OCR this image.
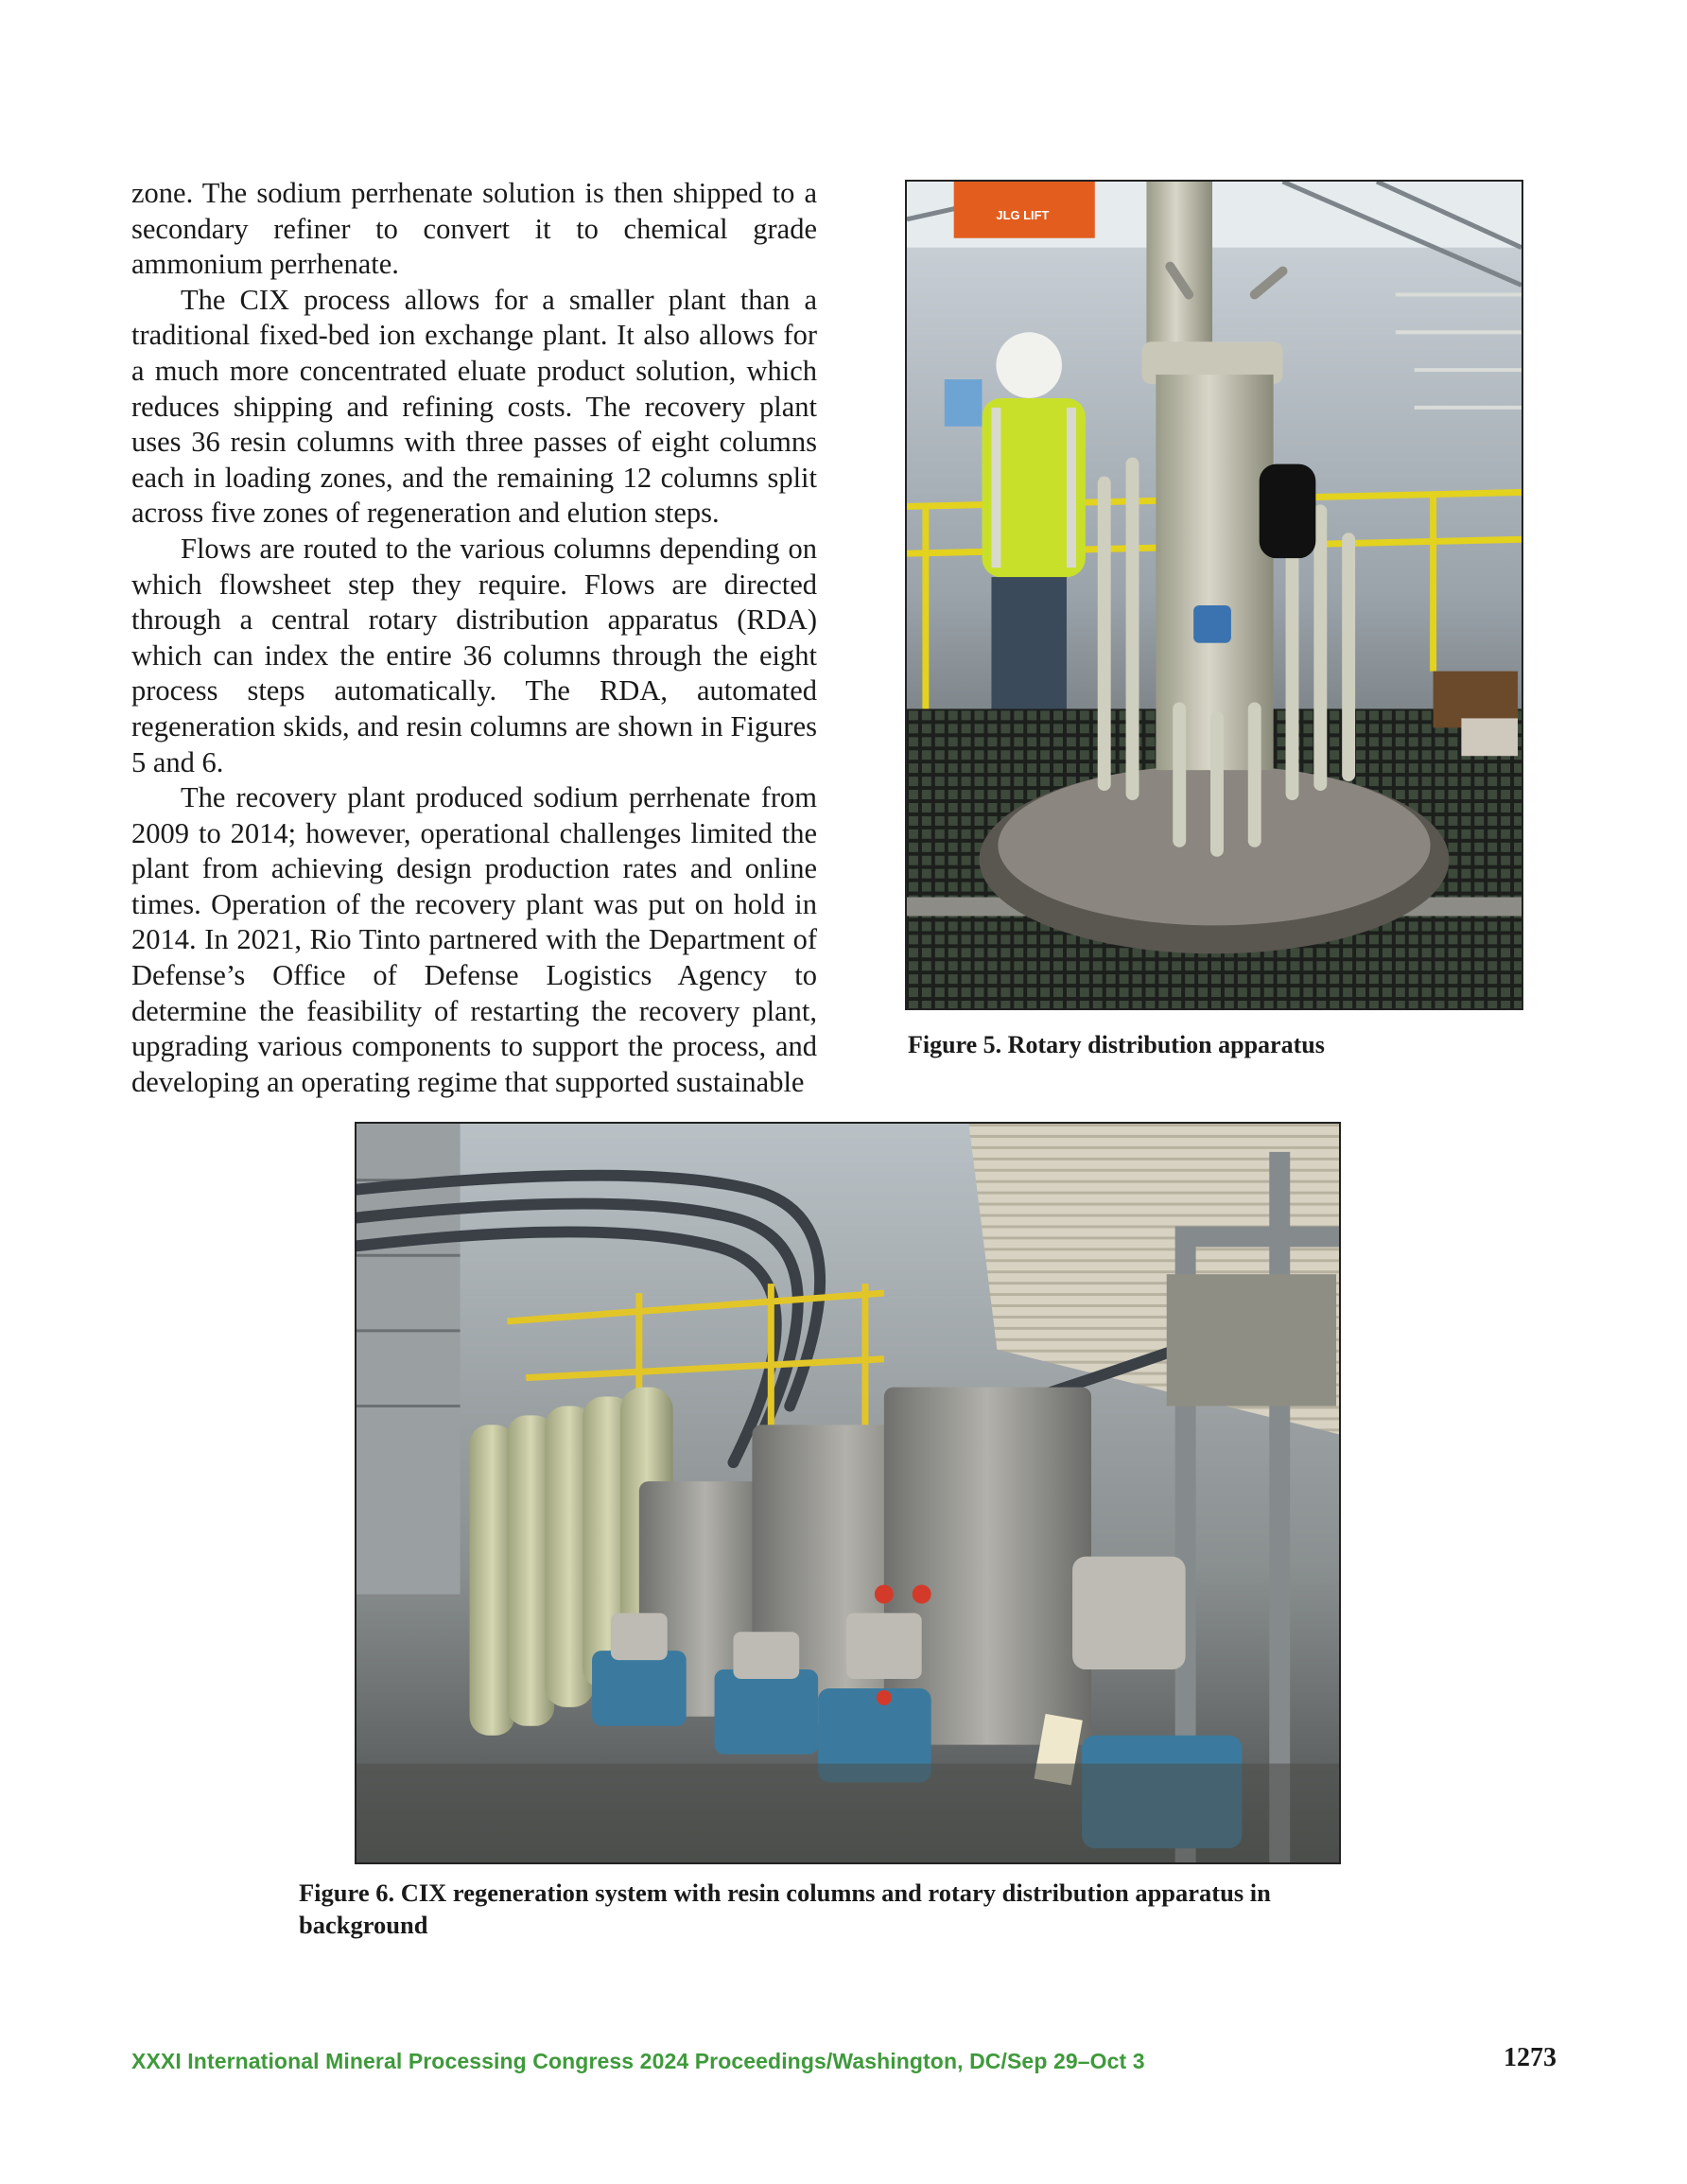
zone. The sodium perrhenate solution is then shipped to a secondary refiner to convert it to chemical grade ammonium perrhenate.

The CIX process allows for a smaller plant than a traditional fixed-bed ion exchange plant. It also allows for a much more concentrated eluate product solution, which reduces shipping and refining costs. The recovery plant uses 36 resin columns with three passes of eight columns each in loading zones, and the remaining 12 columns split across five zones of regeneration and elution steps.

Flows are routed to the various columns depending on which flowsheet step they require. Flows are directed through a central rotary distribution apparatus (RDA) which can index the entire 36 columns through the eight process steps automatically. The RDA, automated regeneration skids, and resin columns are shown in Figures 5 and 6.

The recovery plant produced sodium perrhenate from 2009 to 2014; however, operational challenges limited the plant from achieving design production rates and online times. Operation of the recovery plant was put on hold in 2014. In 2021, Rio Tinto partnered with the Department of Defense’s Office of Defense Logistics Agency to determine the feasibility of restarting the recovery plant, upgrading various components to support the process, and developing an operating regime that supported sustainable

JLG LIFT
Figure 5. Rotary distribution apparatus
Figure 6. CIX regeneration system with resin columns and rotary distribution apparatus in background
XXXI International Mineral Processing Congress 2024 Proceedings/Washington, DC/Sep 29–Oct 3	1273
